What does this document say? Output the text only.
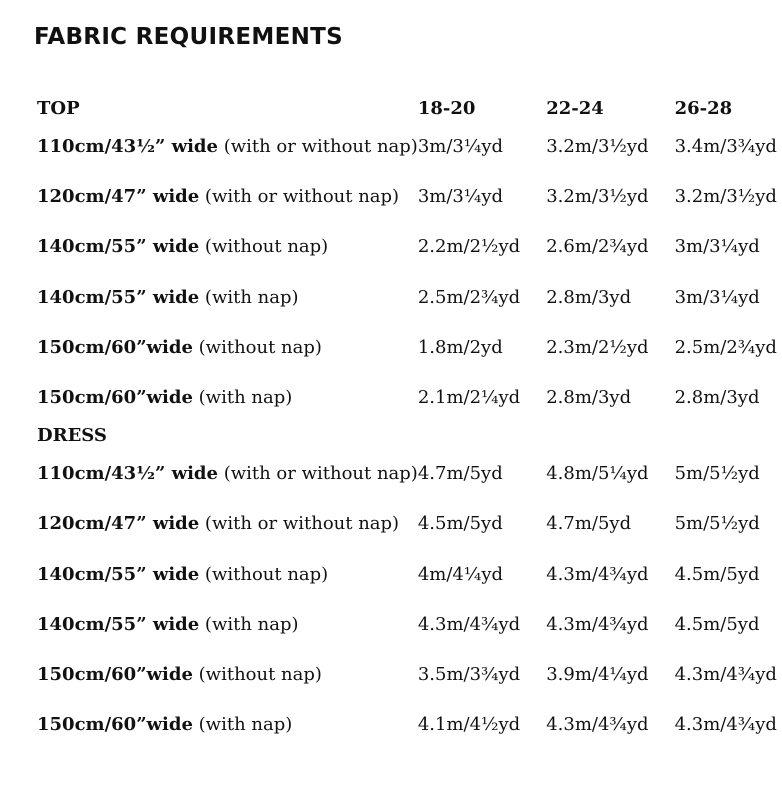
FABRIC REQUIREMENTS
TOP	18-20	22-24	26-28
110cm/43½” wide (with or without nap)	3m/3¼yd	3.2m/3½yd	3.4m/3¾yd
120cm/47” wide (with or without nap)	3m/3¼yd	3.2m/3½yd	3.2m/3½yd
140cm/55” wide (without nap)	2.2m/2½yd	2.6m/2¾yd	3m/3¼yd
140cm/55” wide (with nap)	2.5m/2¾yd	2.8m/3yd	3m/3¼yd
150cm/60”wide (without nap)	1.8m/2yd	2.3m/2½yd	2.5m/2¾yd
150cm/60”wide (with nap)	2.1m/2¼yd	2.8m/3yd	2.8m/3yd
DRESS			
110cm/43½” wide (with or without nap)	4.7m/5yd	4.8m/5¼yd	5m/5½yd
120cm/47” wide (with or without nap)	4.5m/5yd	4.7m/5yd	5m/5½yd
140cm/55” wide (without nap)	4m/4¼yd	4.3m/4¾yd	4.5m/5yd
140cm/55” wide (with nap)	4.3m/4¾yd	4.3m/4¾yd	4.5m/5yd
150cm/60”wide (without nap)	3.5m/3¾yd	3.9m/4¼yd	4.3m/4¾yd
150cm/60”wide (with nap)	4.1m/4½yd	4.3m/4¾yd	4.3m/4¾yd
